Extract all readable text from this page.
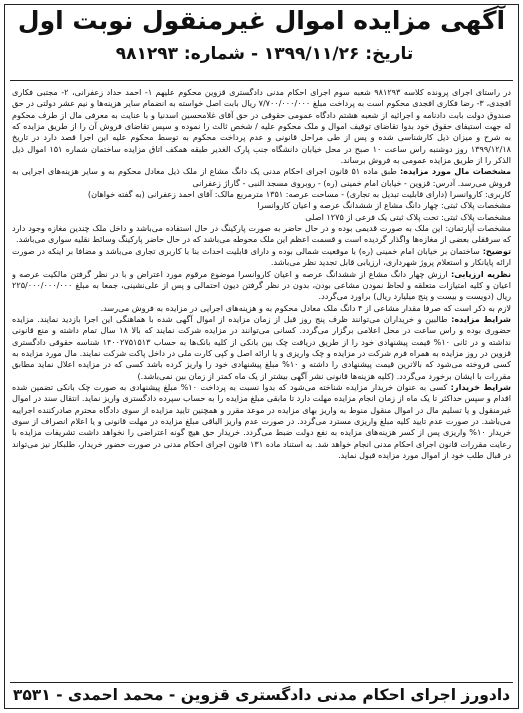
آگهی مزایده اموال غیرمنقول نوبت اول
تاریخ: ۱۳۹۹/۱۱/۲۶ - شماره: ۹۸۱۲۹۳

در راستای اجرای پرونده کلاسه ۹۸۱۲۹۳ شعبه سوم اجرای احکام مدنی دادگستری قزوین محکوم علیهم ۱- احمد حداد زعفرانی، ۲- مجتبی فکاری افجدی، ۳- رضا فکاری افجدی محکوم است به پرداخت مبلغ ۷/۷۰۰/۰۰۰/۰۰۰ ریال بابت اصل خواسته به انضمام سایر هزینه‌ها و نیم عشر دولتی در حق صندوق دولت بابت دادنامه و اجرائیه از شعبه هشتم دادگاه عمومی حقوقی در حق آقای غلامحسین اسدنیا و با عنایت به معرفی مال از طرف محکوم له جهت استیفای حقوق خود بدوا تقاضای توقیف اموال و ملک محکوم علیه / شخص ثالث را نموده و سپس تقاضای فروش آن را از طریق مزایده که به شرح و میزان ذیل کارشناسی شده و پس از طی مراحل قانونی و عدم پرداخت محکوم به توسط محکوم علیه این اجرا قصد دارد در تاریخ ۱۳۹۹/۱۲/۱۸ روز دوشنبه راس ساعت ۱۰ صبح در محل خیابان دانشگاه جنب پارک الغدیر طبقه همکف اتاق مزایده ساختمان شماره ۱۵۱ اموال ذیل الذکر را از طریق مزایده عمومی به فروش برساند.

مشخصات مال مورد مزایده: طبق ماده ۵۱ قانون اجرای احکام مدنی یک دانگ مشاع از ملک ذیل معادل محکوم به و سایر هزینه‌های اجرایی به فروش می‌رسد. آدرس: قزوین - خیابان امام خمینی (ره) - روبروی مسجد النبی - گاراژ زعفرانی

کاربری: کاروانسرا (دارای قابلیت تبدیل به تجاری) - مساحت عرصه: ۱۳۵۱ مترمربع مالک: آقای احمد زعفرانی (به گفته خواهان)

مشخصات پلاک ثبتی: چهار دانگ مشاع از ششدانگ عرصه و اعیان کاروانسرا

مشخصات پلاک ثبتی: تحت پلاک ثبتی یک فرعی از ۱۲۷۵ اصلی

مشخصات آپارتمان: این ملک به صورت قدیمی بوده و در حال حاضر به صورت پارکینگ در حال استفاده می‌باشد و داخل ملک چندین مغازه وجود دارد که سرقفلی بعضی از مغازه‌ها واگذار گردیده است و قسمت اعظم این ملک محوطه می‌باشد که در حال حاضر پارکینگ وسائط نقلیه سواری می‌باشد.

توضیح: ساختمان بر خیابان امام خمینی (ره) با موقعیت شمالی بوده و دارای قابلیت احداث بنا با کاربری تجاری می‌باشد و مضافا بر اینکه در صورت ارائه پایانکار و استعلام پروژ شهرداری، ارزیابی قابل تجدید نظر می‌باشد.

نظریه ارزیابی: ارزش چهار دانگ مشاع از ششدانگ عرصه و اعیان کاروانسرا موضوع مرقوم مورد اعتراض و با در نظر گرفتن مالکیت عرصه و اعیان و کلیه امتیازات متعلقه و لحاظ نمودن مشاعی بودن، بدون در نظر گرفتن دیون احتمالی و پس از علی‌نشینی، جمعا به مبلغ ۲۲۵/۰۰۰/۰۰۰/۰۰۰ ریال (دویست و بیست و پنج میلیارد ریال) براورد می‌گردد.

لازم به ذکر است که صرفا مقدار مشاعی از ۴ دانگ ملک معادل محکوم به و هزینه‌های اجرایی در مزایده به فروش می‌رسد.

شرایط مزایده: طالبین و خریداران می‌توانند ظرف پنج روز قبل از زمان مزایده از اموال آگهی شده با هماهنگی این اجرا بازدید نمایند. مزایده حضوری بوده و راس ساعت در محل اعلامی برگزار می‌گردد. کسانی می‌توانند در مزایده شرکت نمایند که بالا ۱۸ سال تمام داشته و منع قانونی نداشته و در ثانی ۱۰% قیمت پیشنهادی خود را از طریق دریافت چک بین بانکی از کلیه بانک‌ها به حساب ۱۴۰۰۲۷۵۱۵۱۳ شناسه حقوقی دادگستری قزوین در روز مزایده به همراه فرم شرکت در مزایده و چک واریزی و یا ارائه اصل و کپی کارت ملی در داخل پاکت شرکت نمایند. مال مورد مزایده به کسی فروخته می‌شود که بالاترین قیمت پیشنهادی را داشته و ۱۰% مبلغ پیشنهادی خود را واریز کرده باشد کسی که در مزایده اعلال نماید مطابق مقررات با ایشان برخورد می‌گردد. (کلیه هزینه‌ها قانونی نشر آگهی بیشتر از یک ماه کمتر از زمان بین نمی‌باشد.)

شرایط خریدار: کسی به عنوان خریدار مزایده شناخته می‌شود که بدوا نسبت به پرداخت ۱۰% مبلغ پیشنهادی به صورت چک بانکی تضمین شده اقدام و سپس حداکثر تا یک ماه از زمان انجام مزایده مهلت دارد تا مابقی مبلغ مزایده را به حساب سپرده دادگستری واریز نماید. انتقال سند در اموال غیرمنقول و یا تسلیم مال در اموال منقول منوط به واریز بهای مزایده در موعد مقرر و همچنین تایید مزایده از سوی دادگاه محترم صادرکننده اجراییه می‌باشد. در صورت عدم تایید کلیه مبلغ واریزی مسترد می‌گردد. در صورت عدم واریز الباقی مبلغ مزایده در مهلت قانونی و یا اعلام انصراف از سوی خریدار ۱۰% واریزی پس از کسر هزینه‌های مزایده به نفع دولت ضبط می‌گردد. خریدار حق هیچ گونه اعتراضی را نخواهد داشت تشریفات مزایده با رعایت مقررات قانون اجرای احکام مدنی انجام خواهد شد. به استناد ماده ۱۳۱ قانون اجرای احکام مدنی در صورت حضور خریدار، طلبکار نیز می‌تواند در قبال طلب خود از اموال مورد مزایده قبول نماید.

دادورز اجرای احکام مدنی دادگستری قزوین - محمد احمدی - ۳۵۳۱
